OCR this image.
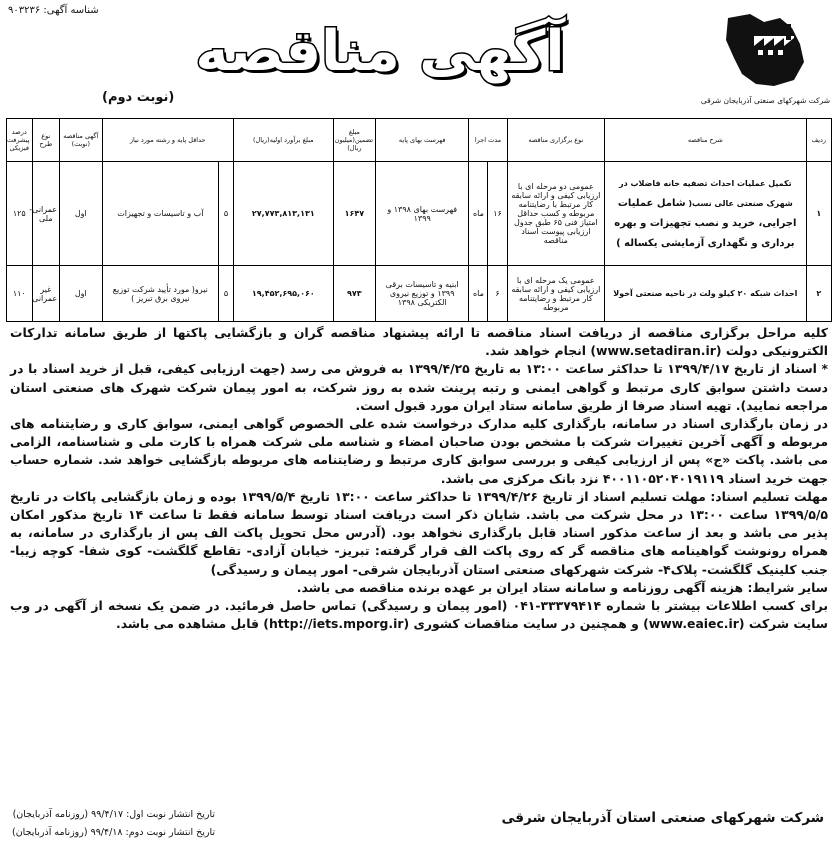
شناسه آگهی: ۹۰۳۲۳۶
شرکت شهرکهای صنعتی آذربایجان شرقی
آگهی مناقصه
(نوبت دوم)
ردیف	شرح مناقصه	نوع برگزاری مناقصه	مدت اجرا		فهرست بهای پایه	مبلغ تضمین(میلیون ریال)	مبلغ برآورد اولیه(ریال)	حداقل پایه و رشته مورد نیاز		آگهی مناقصه (نوبت)	نوع طرح	درصد پیشرفت فیزیکی
۱	تکمیل عملیات احداث تصفیه خانه فاضلاب در شهرک صنعتی عالی نسب( شامل عملیات اجرایی، خرید و نصب تجهیزات و بهره برداری و نگهداری آزمایشی یکساله )	عمومی دو مرحله ای با ارزیابی کیفی و ارائه سابقه کار مرتبط با رضایتنامه مربوطه و کسب حداقل امتیاز فنی ۶۵ طبق جدول ارزیابی پیوست اسناد مناقصه	۱۶	ماه	فهرست بهای ۱۳۹۸ و ۱۳۹۹	۱۶۴۷	۲۷,۷۷۳,۸۱۳,۱۳۱	۵	آب و تاسیسات و تجهیزات	اول	عمرانی- ملی	۱۲۵
۲	احداث شبکه ۲۰ کیلو ولت در ناحیه صنعتی آخولا	عمومی یک مرحله ای با ارزیابی کیفی و ارائه سابقه کار مرتبط و رضایتنامه مربوطه	۶	ماه	ابنیه و تاسیسات برقی ۱۳۹۹ و توزیع نیروی الکتریکی ۱۳۹۸	۹۷۳	۱۹,۴۵۲,۶۹۵,۰۶۰	۵	نیرو( مورد تأیید شرکت توزیع نیروی برق تبریز )	اول	غیر عمرانی	۱۱۰

کلیه مراحل برگزاری مناقصه از دریافت اسناد مناقصه تا ارائه پیشنهاد مناقصه گران و بازگشایی پاکتها از طریق سامانه تدارکات الکترونیکی دولت (www.setadiran.ir) انجام خواهد شد.

* اسناد از تاریخ ۱۳۹۹/۴/۱۷ تا حداکثر ساعت ۱۳:۰۰ به تاریخ ۱۳۹۹/۴/۲۵ به فروش می رسد (جهت ارزیابی کیفی، قبل از خرید اسناد با در دست داشتن سوابق کاری مرتبط و گواهی ایمنی و رتبه پرینت شده به روز شرکت، به امور پیمان شرکت شهرک های صنعتی استان مراجعه نمایید). تهیه اسناد صرفا از طریق سامانه ستاد ایران مورد قبول است.

در زمان بارگذاری اسناد در سامانه، بارگذاری کلیه مدارک درخواست شده علی الخصوص گواهی ایمنی، سوابق کاری و رضایتنامه های مربوطه و آگهی آخرین تغییرات شرکت با مشخص بودن صاحبان امضاء و شناسه ملی شرکت همراه با کارت ملی و شناسنامه، الزامی می باشد. پاکت «ج» پس از ارزیابی کیفی و بررسی سوابق کاری مرتبط و رضایتنامه های مربوطه بازگشایی خواهد شد. شماره حساب جهت خرید اسناد ۴۰۰۱۱۰۵۲۰۴۰۱۹۱۱۹ نزد بانک مرکزی می باشد.

مهلت تسلیم اسناد: مهلت تسلیم اسناد از تاریخ ۱۳۹۹/۴/۲۶ تا حداکثر ساعت ۱۳:۰۰ تاریخ ۱۳۹۹/۵/۴ بوده و زمان بازگشایی پاکات در تاریخ ۱۳۹۹/۵/۵ ساعت ۱۳:۰۰ در محل شرکت می باشد. شایان ذکر است دریافت اسناد توسط سامانه فقط تا ساعت ۱۴ تاریخ مذکور امکان پذیر می باشد و بعد از ساعت مذکور اسناد قابل بارگذاری نخواهد بود. (آدرس محل تحویل پاکت الف پس از بارگذاری در سامانه، به همراه رونوشت گواهینامه های مناقصه گر که روی پاکت الف قرار گرفته: تبریز- خیابان آزادی- تقاطع گلگشت- کوی شفا- کوچه زیبا- جنب کلینیک گلگشت- پلاک۴- شرکت شهرکهای صنعتی استان آذربایجان شرقی- امور پیمان و رسیدگی)

سایر شرایط: هزینه آگهی روزنامه و سامانه ستاد ایران بر عهده برنده مناقصه می باشد.

برای کسب اطلاعات بیشتر با شماره ۳۳۳۷۹۴۱۴-۰۴۱ (امور پیمان و رسیدگی) تماس حاصل فرمائید. در ضمن یک نسخه از آگهی در وب سایت شرکت (www.eaiec.ir) و همچنین در سایت مناقصات کشوری (http://iets.mporg.ir) قابل مشاهده می باشد.

تاریخ انتشار نوبت اول: ۹۹/۴/۱۷ (روزنامه آذربایجان)
تاریخ انتشار نوبت دوم: ۹۹/۴/۱۸ (روزنامه آذربایجان)
شرکت شهرکهای صنعتی استان آذربایجان شرقی
